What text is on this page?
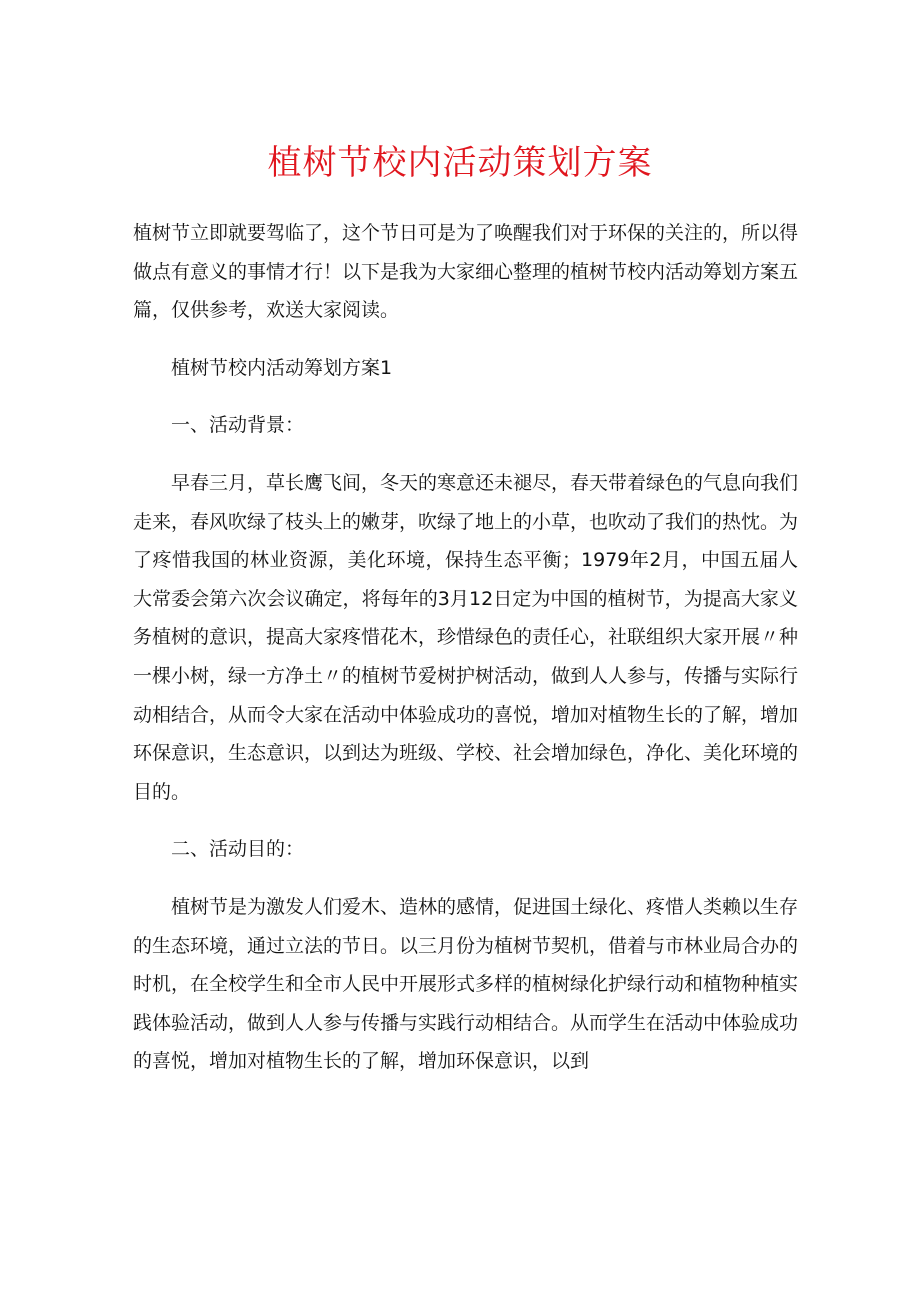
植树节校内活动策划方案

植树节立即就要驾临了，这个节日可是为了唤醒我们对于环保的关注的，所以得做点有意义的事情才行！以下是我为大家细心整理的植树节校内活动筹划方案五篇，仅供参考，欢送大家阅读。

植树节校内活动筹划方案1

一、活动背景：

早春三月，草长鹰飞间，冬天的寒意还未褪尽，春天带着绿色的气息向我们走来，春风吹绿了枝头上的嫩芽，吹绿了地上的小草，也吹动了我们的热忱。为了疼惜我国的林业资源，美化环境，保持生态平衡；1979年2月，中国五届人大常委会第六次会议确定，将每年的3月12日定为中国的植树节，为提高大家义务植树的意识，提高大家疼惜花木，珍惜绿色的责任心，社联组织大家开展〃种一棵小树，绿一方净土〃的植树节爱树护树活动，做到人人参与，传播与实际行动相结合，从而令大家在活动中体验成功的喜悦，增加对植物生长的了解，增加环保意识，生态意识，以到达为班级、学校、社会增加绿色，净化、美化环境的目的。

二、活动目的：

植树节是为激发人们爱木、造林的感情，促进国土绿化、疼惜人类赖以生存的生态环境，通过立法的节日。以三月份为植树节契机，借着与市林业局合办的时机，在全校学生和全市人民中开展形式多样的植树绿化护绿行动和植物种植实践体验活动，做到人人参与传播与实践行动相结合。从而学生在活动中体验成功的喜悦，增加对植物生长的了解，增加环保意识，以到
